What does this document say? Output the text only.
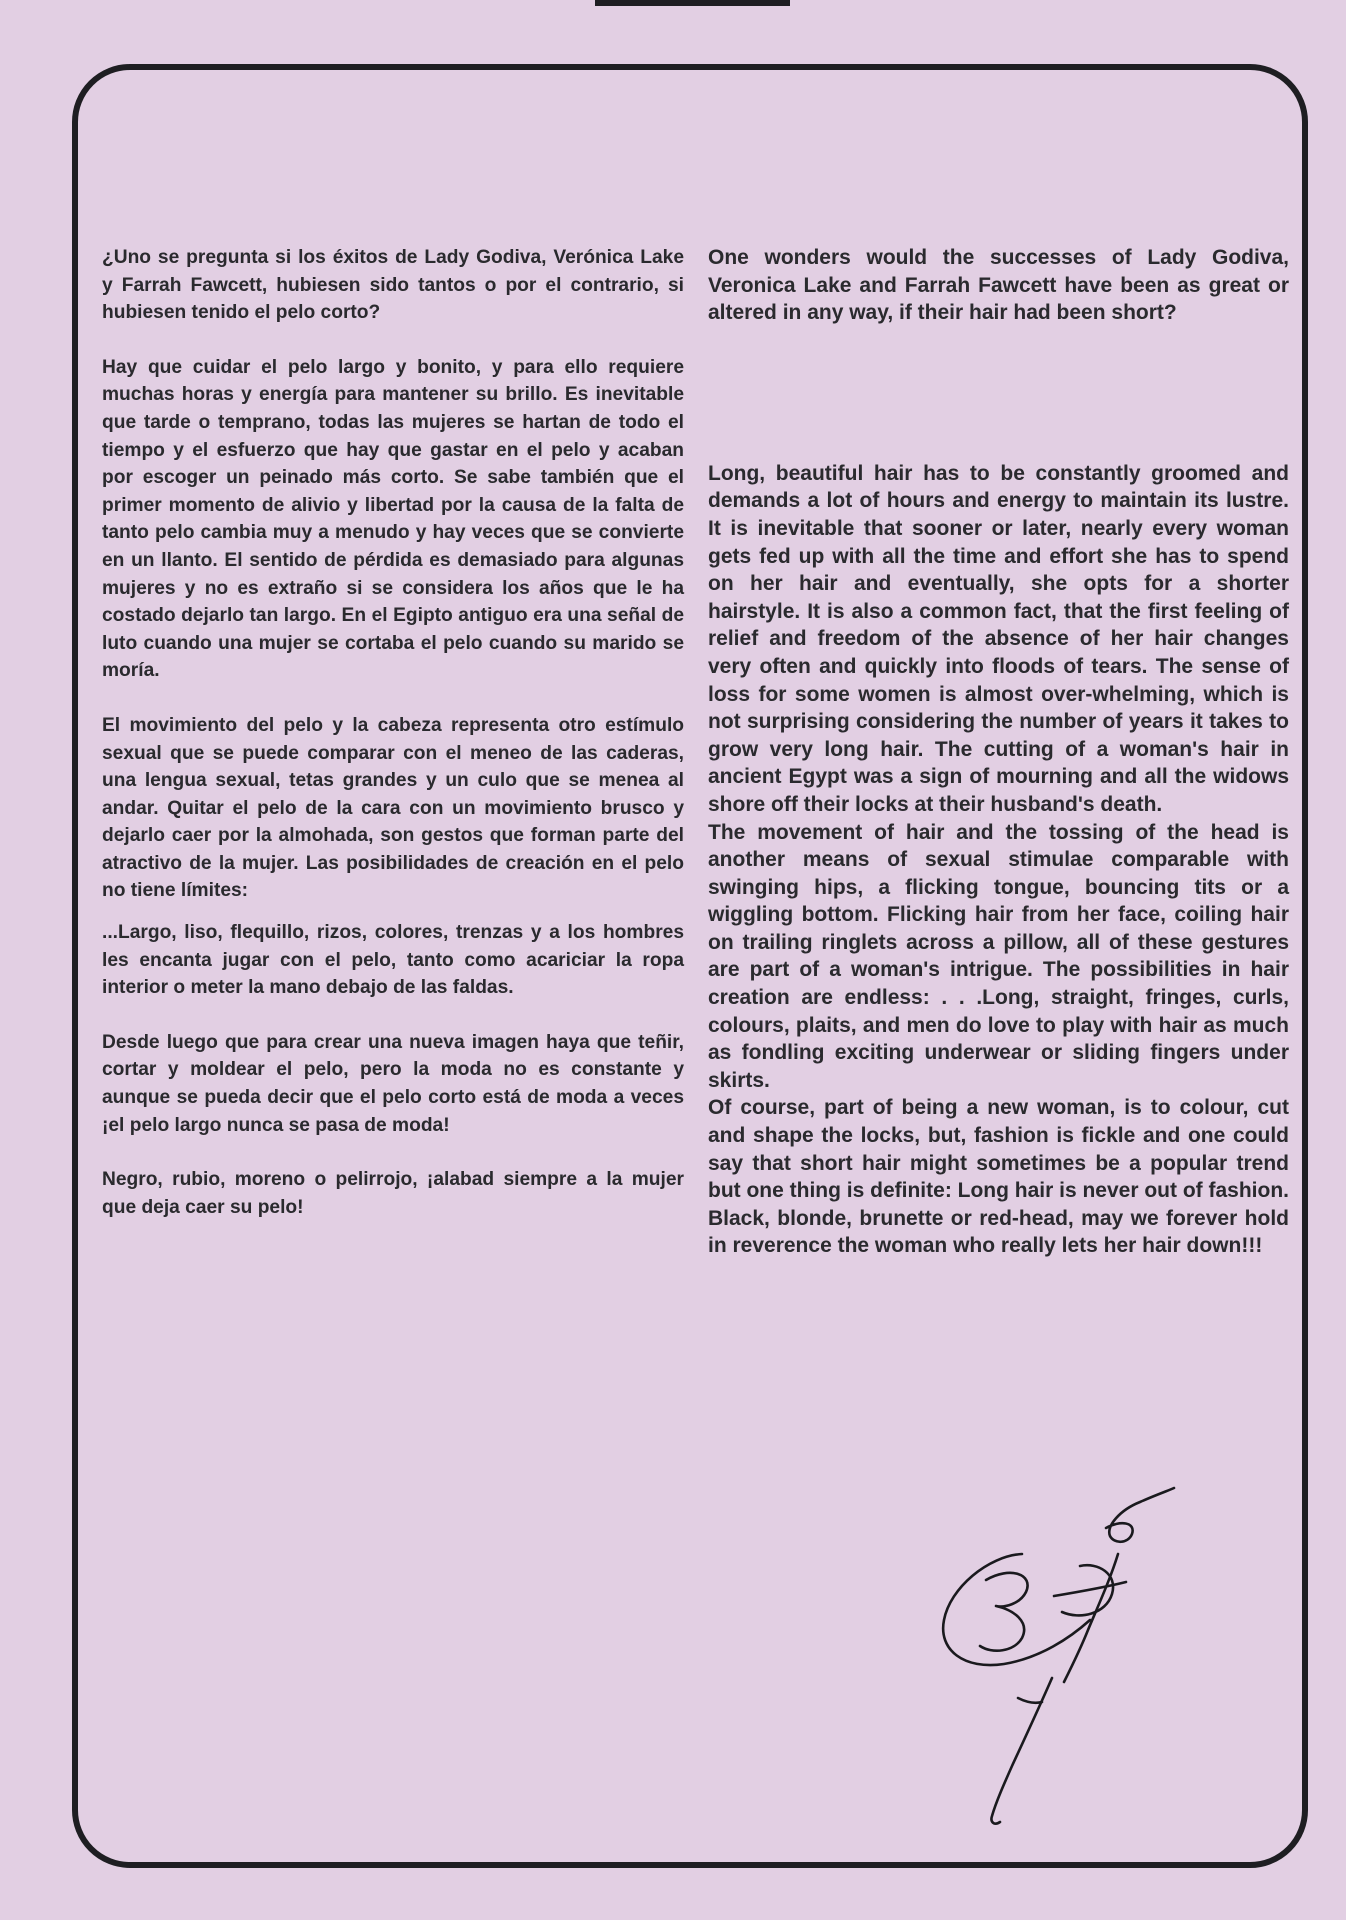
¿Uno se pregunta si los éxitos de Lady Godiva, Verónica Lake y Farrah Fawcett, hubiesen sido tantos o por el contrario, si hubiesen tenido el pelo corto?

Hay que cuidar el pelo largo y bonito, y para ello requiere muchas horas y energía para mantener su brillo. Es inevitable que tarde o temprano, todas las mujeres se hartan de todo el tiempo y el esfuerzo que hay que gastar en el pelo y acaban por escoger un peinado más corto. Se sabe también que el primer momento de alivio y libertad por la causa de la falta de tanto pelo cambia muy a menudo y hay veces que se convierte en un llanto. El sentido de pérdida es demasiado para algunas mujeres y no es extraño si se considera los años que le ha costado dejarlo tan largo. En el Egipto antiguo era una señal de luto cuando una mujer se cortaba el pelo cuando su marido se moría.

El movimiento del pelo y la cabeza representa otro estímulo sexual que se puede comparar con el meneo de las caderas, una lengua sexual, tetas grandes y un culo que se menea al andar. Quitar el pelo de la cara con un movimiento brusco y dejarlo caer por la almohada, son gestos que forman parte del atractivo de la mujer. Las posibilidades de creación en el pelo no tiene límites:

...Largo, liso, flequillo, rizos, colores, trenzas y a los hombres les encanta jugar con el pelo, tanto como acariciar la ropa interior o meter la mano debajo de las faldas.

Desde luego que para crear una nueva imagen haya que teñir, cortar y moldear el pelo, pero la moda no es constante y aunque se pueda decir que el pelo corto está de moda a veces ¡el pelo largo nunca se pasa de moda!

Negro, rubio, moreno o pelirrojo, ¡alabad siempre a la mujer que deja caer su pelo!

One wonders would the successes of Lady Godiva, Veronica Lake and Farrah Fawcett have been as great or altered in any way, if their hair had been short?

Long, beautiful hair has to be constantly groomed and demands a lot of hours and energy to maintain its lustre. It is inevitable that sooner or later, nearly every woman gets fed up with all the time and effort she has to spend on her hair and eventually, she opts for a shorter hairstyle. It is also a common fact, that the first feeling of relief and freedom of the absence of her hair changes very often and quickly into floods of tears. The sense of loss for some women is almost over-whelming, which is not surprising considering the number of years it takes to grow very long hair. The cutting of a woman's hair in ancient Egypt was a sign of mourning and all the widows shore off their locks at their husband's death.

The movement of hair and the tossing of the head is another means of sexual stimulae comparable with swinging hips, a flicking tongue, bouncing tits or a wiggling bottom. Flicking hair from her face, coiling hair on trailing ringlets across a pillow, all of these gestures are part of a woman's intrigue. The possibilities in hair creation are endless: . . .Long, straight, fringes, curls, colours, plaits, and men do love to play with hair as much as fondling exciting underwear or sliding fingers under skirts.

Of course, part of being a new woman, is to colour, cut and shape the locks, but, fashion is fickle and one could say that short hair might sometimes be a popular trend but one thing is definite: Long hair is never out of fashion.

Black, blonde, brunette or red-head, may we forever hold in reverence the woman who really lets her hair down!!!
